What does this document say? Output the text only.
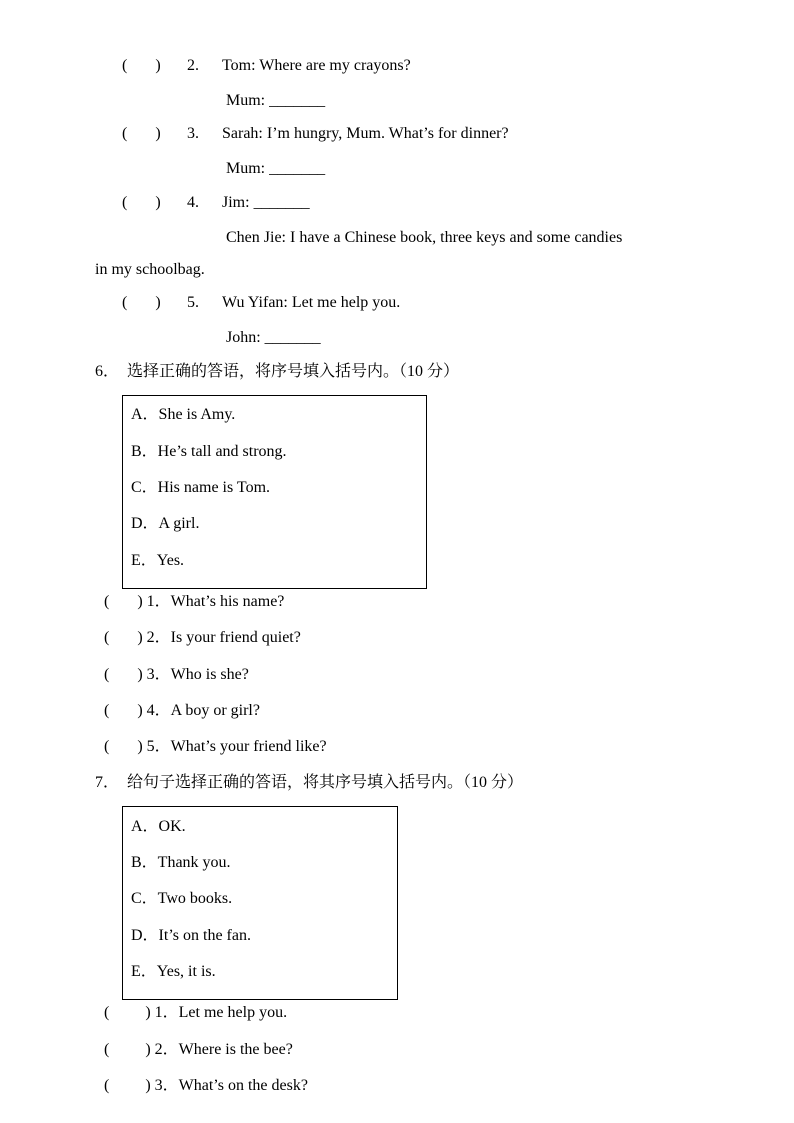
(       ) 2. Tom: Where are my crayons?
Mum: _______
(       ) 3. Sarah: I’m hungry, Mum. What’s for dinner?
Mum: _______
(       ) 4. Jim: _______
Chen Jie: I have a Chinese book, three keys and some candies
in my schoolbag.
(       ) 5. Wu Yifan: Let me help you.
John: _______
6．  选择正确的答语，将序号填入括号内。（10 分）
A．She is Amy.
B．He’s tall and strong.
C．His name is Tom.
D．A girl.
E．Yes.
(       ) 1．What’s his name?
(       ) 2．Is your friend quiet?
(       ) 3．Who is she?
(       ) 4．A boy or girl?
(       ) 5．What’s your friend like?
7．  给句子选择正确的答语，将其序号填入括号内。（10 分）
A．OK.
B．Thank you.
C．Two books.
D．It’s on the fan.
E．Yes, it is.
(         ) 1．Let me help you.
(         ) 2．Where is the bee?
(         ) 3．What’s on the desk?
